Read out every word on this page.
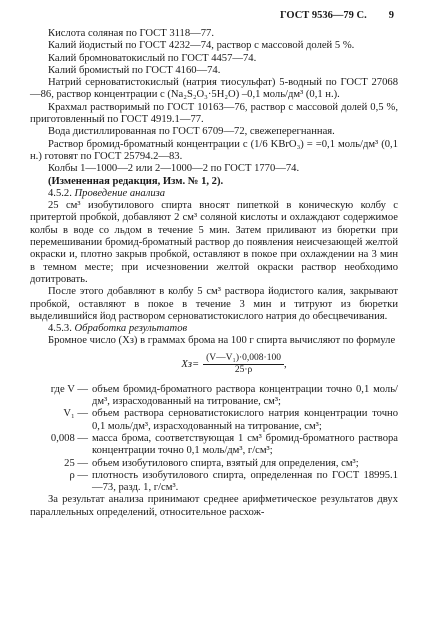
ГОСТ 9536—79 С. 9

Кислота соляная по ГОСТ 3118—77.

Калий йодистый по ГОСТ 4232—74, раствор с массовой долей 5 %.

Калий бромноватокислый по ГОСТ 4457—74.

Калий бромистый по ГОСТ 4160—74.

Натрий серноватистокислый (натрия тиосульфат) 5-водный по ГОСТ 27068—86, раствор концентрации с (Na₂S₂O₃·5H₂O) –0,1 моль/дм³ (0,1 н.).

Крахмал растворимый по ГОСТ 10163—76, раствор с массовой долей 0,5 %, приготовленный по ГОСТ 4919.1—77.

Вода дистиллированная по ГОСТ 6709—72, свежеперегнанная.

Раствор бромид-броматный концентрации с (1/6 KBrO₃) = =0,1 моль/дм³ (0,1 н.) готовят по ГОСТ 25794.2—83.

Колбы 1—1000—2 или 2—1000—2 по ГОСТ 1770—74.

(Измененная редакция, Изм. № 1, 2).

4.5.2. Проведение анализа

25 см³ изобутилового спирта вносят пипеткой в коническую колбу с притертой пробкой, добавляют 2 см³ соляной кислоты и охлаждают содержимое колбы в воде со льдом в течение 5 мин. Затем приливают из бюретки при перемешивании бромид-броматный раствор до появления неисчезающей желтой окраски и, плотно закрыв пробкой, оставляют в покое при охлаждении на 3 мин в темном месте; при исчезновении желтой окраски раствор необходимо дотитровать.

После этого добавляют в колбу 5 см³ раствора йодистого калия, закрывают пробкой, оставляют в покое в течение 3 мин и титруют из бюретки выделившийся йод раствором серноватистокислого натрия до обесцвечивания.

4.5.3. Обработка результатов

Бромное число (Xз) в граммах брома на 100 г спирта вычисляют по формуле

$Xз= \frac{\text{(V—V₁)·0,008·100}}{25\cdot\rho}$ ,
где V — объем бромид-броматного раствора концентрации точно 0,1 моль/дм³, израсходованный на титрование, см³;
V₁ — объем раствора серноватистокислого натрия концентрации точно 0,1 моль/дм³, израсходованный на титрование, см³;
0,008 — масса брома, соответствующая 1 см³ бромид-броматного раствора концентрации точно 0,1 моль/дм³, г/см³;
25 — объем изобутилового спирта, взятый для определения, см³;
ρ — плотность изобутилового спирта, определенная по ГОСТ 18995.1—73, разд. 1, г/см³.

За результат анализа принимают среднее арифметическое результатов двух параллельных определений, относительное расхож-
